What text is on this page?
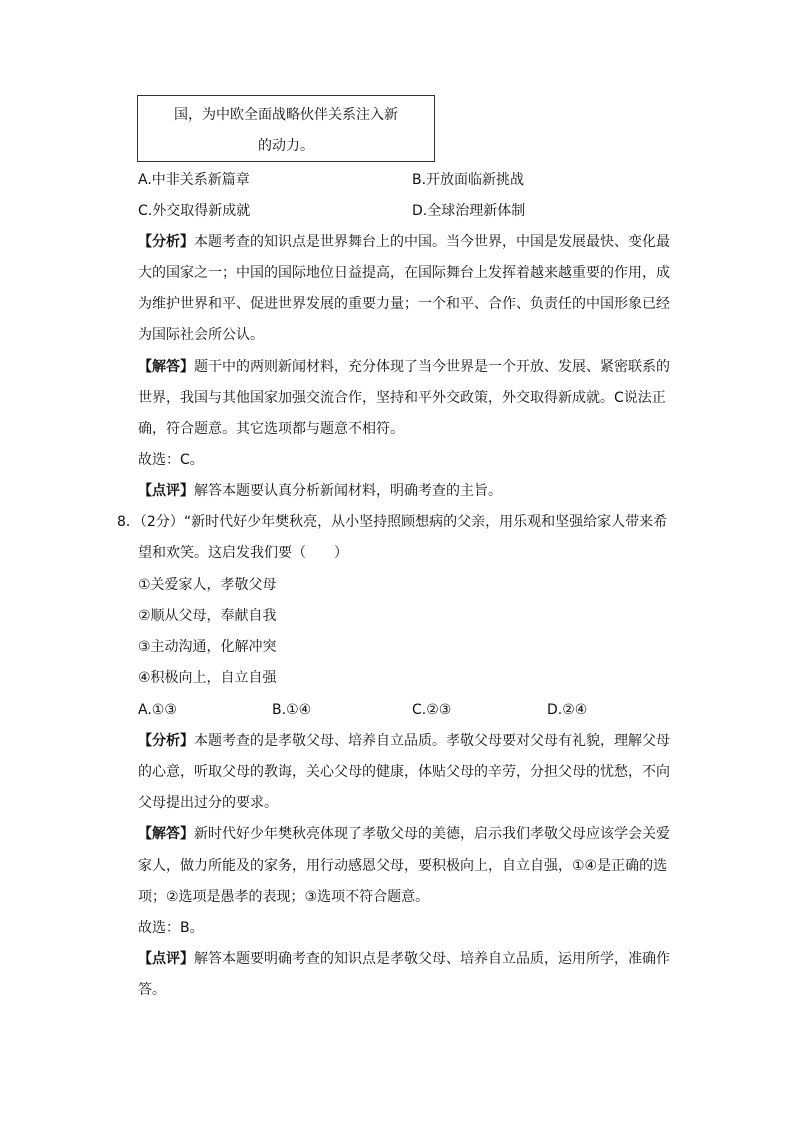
国，为中欧全面战略伙伴关系注入新
的动力。
A.中非关系新篇章	B.开放面临新挑战
C.外交取得新成就	D.全球治理新体制
【分析】本题考查的知识点是世界舞台上的中国。当今世界，中国是发展最快、变化最
大的国家之一；中国的国际地位日益提高，在国际舞台上发挥着越来越重要的作用，成
为维护世界和平、促进世界发展的重要力量；一个和平、合作、负责任的中国形象已经
为国际社会所公认。
【解答】题干中的两则新闻材料，充分体现了当今世界是一个开放、发展、紧密联系的
世界，我国与其他国家加强交流合作，坚持和平外交政策，外交取得新成就。C说法正
确，符合题意。其它选项都与题意不相符。
故选：C。
【点评】解答本题要认真分析新闻材料，明确考查的主旨。
8．（2分）“新时代好少年樊秋亮，从小坚持照顾想病的父亲，用乐观和坚强给家人带来希
望和欢笑。这启发我们要（　　）
①关爱家人，孝敬父母
②顺从父母，奉献自我
③主动沟通，化解冲突
④积极向上，自立自强
A.①③	B.①④	C.②③	D.②④
【分析】本题考查的是孝敬父母、培养自立品质。孝敬父母要对父母有礼貌，理解父母
的心意，听取父母的教诲，关心父母的健康，体贴父母的辛劳，分担父母的忧愁，不向
父母提出过分的要求。
【解答】新时代好少年樊秋亮体现了孝敬父母的美德，启示我们孝敬父母应该学会关爱
家人，做力所能及的家务，用行动感恩父母，要积极向上，自立自强，①④是正确的选
项；②选项是愚孝的表现；③选项不符合题意。
故选：B。
【点评】解答本题要明确考查的知识点是孝敬父母、培养自立品质，运用所学，准确作
答。
